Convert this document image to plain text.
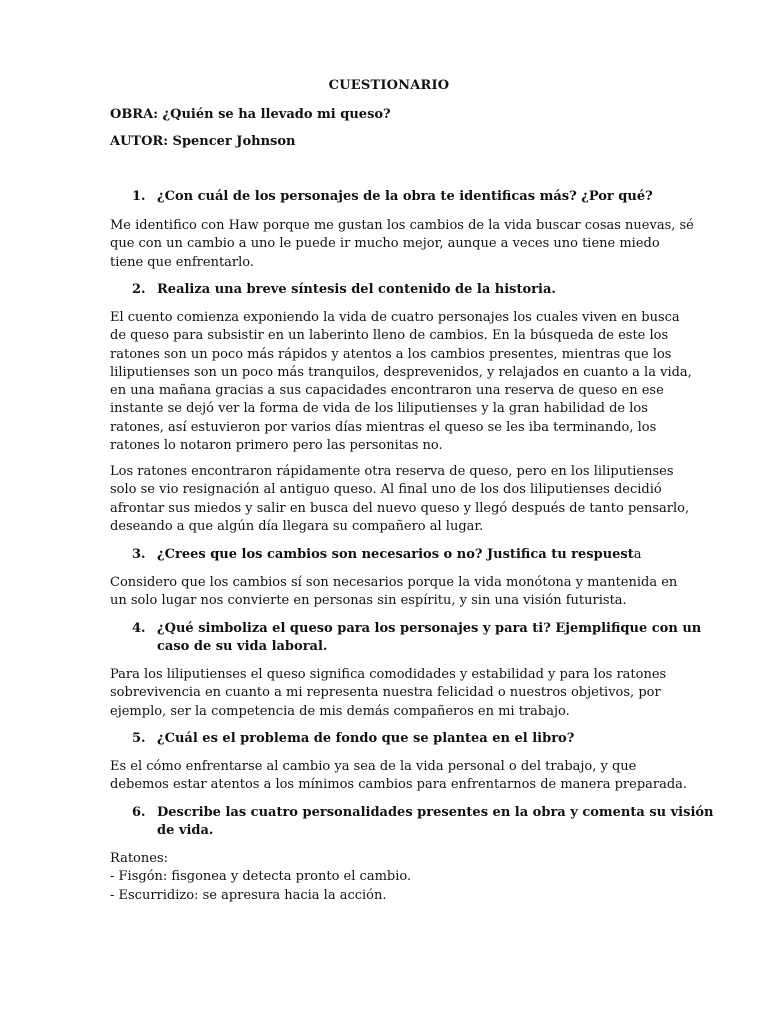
CUESTIONARIO
OBRA: ¿Quién se ha llevado mi queso?
AUTOR: Spencer Johnson
1. ¿Con cuál de los personajes de la obra te identificas más? ¿Por qué?
Me identifico con Haw porque me gustan los cambios de la vida buscar cosas nuevas, sé
que con un cambio a uno le puede ir mucho mejor, aunque a veces uno tiene miedo
tiene que enfrentarlo.
2. Realiza una breve síntesis del contenido de la historia.
El cuento comienza exponiendo la vida de cuatro personajes los cuales viven en busca
de queso para subsistir en un laberinto lleno de cambios. En la búsqueda de este los
ratones son un poco más rápidos y atentos a los cambios presentes, mientras que los
liliputienses son un poco más tranquilos, desprevenidos, y relajados en cuanto a la vida,
en una mañana gracias a sus capacidades encontraron una reserva de queso en ese
instante se dejó ver la forma de vida de los liliputienses y la gran habilidad de los
ratones, así estuvieron por varios días mientras el queso se les iba terminando, los
ratones lo notaron primero pero las personitas no.
Los ratones encontraron rápidamente otra reserva de queso, pero en los liliputienses
solo se vio resignación al antiguo queso. Al final uno de los dos liliputienses decidió
afrontar sus miedos y salir en busca del nuevo queso y llegó después de tanto pensarlo,
deseando a que algún día llegara su compañero al lugar.
3. ¿Crees que los cambios son necesarios o no? Justifica tu respuesta
Considero que los cambios sí son necesarios porque la vida monótona y mantenida en
un solo lugar nos convierte en personas sin espíritu, y sin una visión futurista.
4. ¿Qué simboliza el queso para los personajes y para ti? Ejemplifique con un
caso de su vida laboral.
Para los liliputienses el queso significa comodidades y estabilidad y para los ratones
sobrevivencia en cuanto a mi representa nuestra felicidad o nuestros objetivos, por
ejemplo, ser la competencia de mis demás compañeros en mi trabajo.
5. ¿Cuál es el problema de fondo que se plantea en el libro?
Es el cómo enfrentarse al cambio ya sea de la vida personal o del trabajo, y que
debemos estar atentos a los mínimos cambios para enfrentarnos de manera preparada.
6. Describe las cuatro personalidades presentes en la obra y comenta su visión
de vida.
Ratones:
- Fisgón: fisgonea y detecta pronto el cambio.
- Escurridizo: se apresura hacia la acción.
